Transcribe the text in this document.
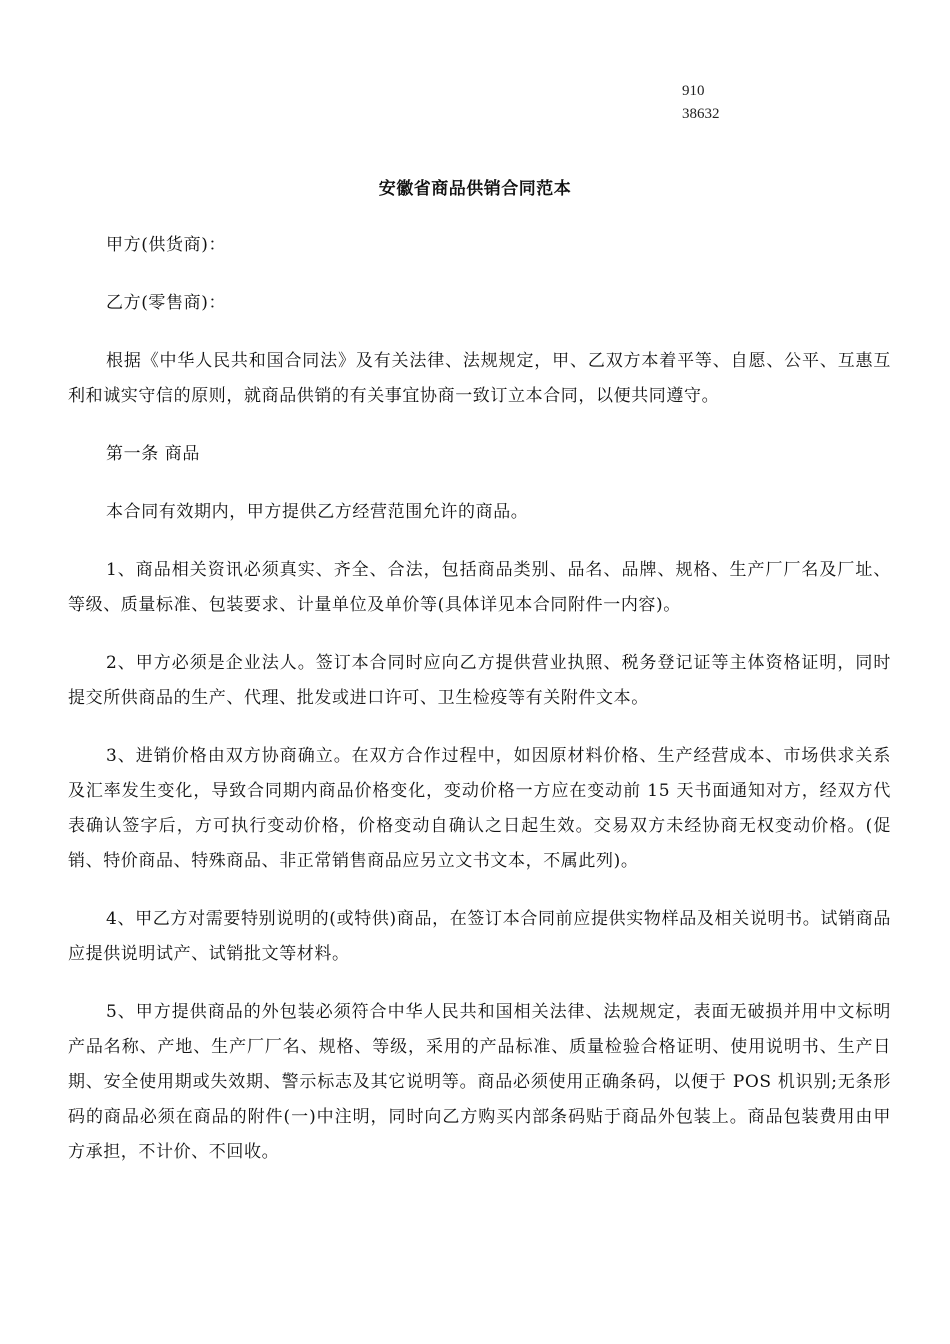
910
38632
安徽省商品供销合同范本

甲方(供货商)：

乙方(零售商)：

根据《中华人民共和国合同法》及有关法律、法规规定，甲、乙双方本着平等、自愿、公平、互惠互利和诚实守信的原则，就商品供销的有关事宜协商一致订立本合同，以便共同遵守。

第一条 商品

本合同有效期内，甲方提供乙方经营范围允许的商品。

1、商品相关资讯必须真实、齐全、合法，包括商品类别、品名、品牌、规格、生产厂厂名及厂址、等级、质量标准、包装要求、计量单位及单价等(具体详见本合同附件一内容)。

2、甲方必须是企业法人。签订本合同时应向乙方提供营业执照、税务登记证等主体资格证明，同时提交所供商品的生产、代理、批发或进口许可、卫生检疫等有关附件文本。

3、进销价格由双方协商确立。在双方合作过程中，如因原材料价格、生产经营成本、市场供求关系及汇率发生变化，导致合同期内商品价格变化，变动价格一方应在变动前 15 天书面通知对方，经双方代表确认签字后，方可执行变动价格，价格变动自确认之日起生效。交易双方未经协商无权变动价格。(促销、特价商品、特殊商品、非正常销售商品应另立文书文本，不属此列)。

4、甲乙方对需要特别说明的(或特供)商品，在签订本合同前应提供实物样品及相关说明书。试销商品应提供说明试产、试销批文等材料。

5、甲方提供商品的外包装必须符合中华人民共和国相关法律、法规规定，表面无破损并用中文标明产品名称、产地、生产厂厂名、规格、等级，采用的产品标准、质量检验合格证明、使用说明书、生产日期、安全使用期或失效期、警示标志及其它说明等。商品必须使用正确条码，以便于 POS 机识别;无条形码的商品必须在商品的附件(一)中注明，同时向乙方购买内部条码贴于商品外包装上。商品包装费用由甲方承担，不计价、不回收。
